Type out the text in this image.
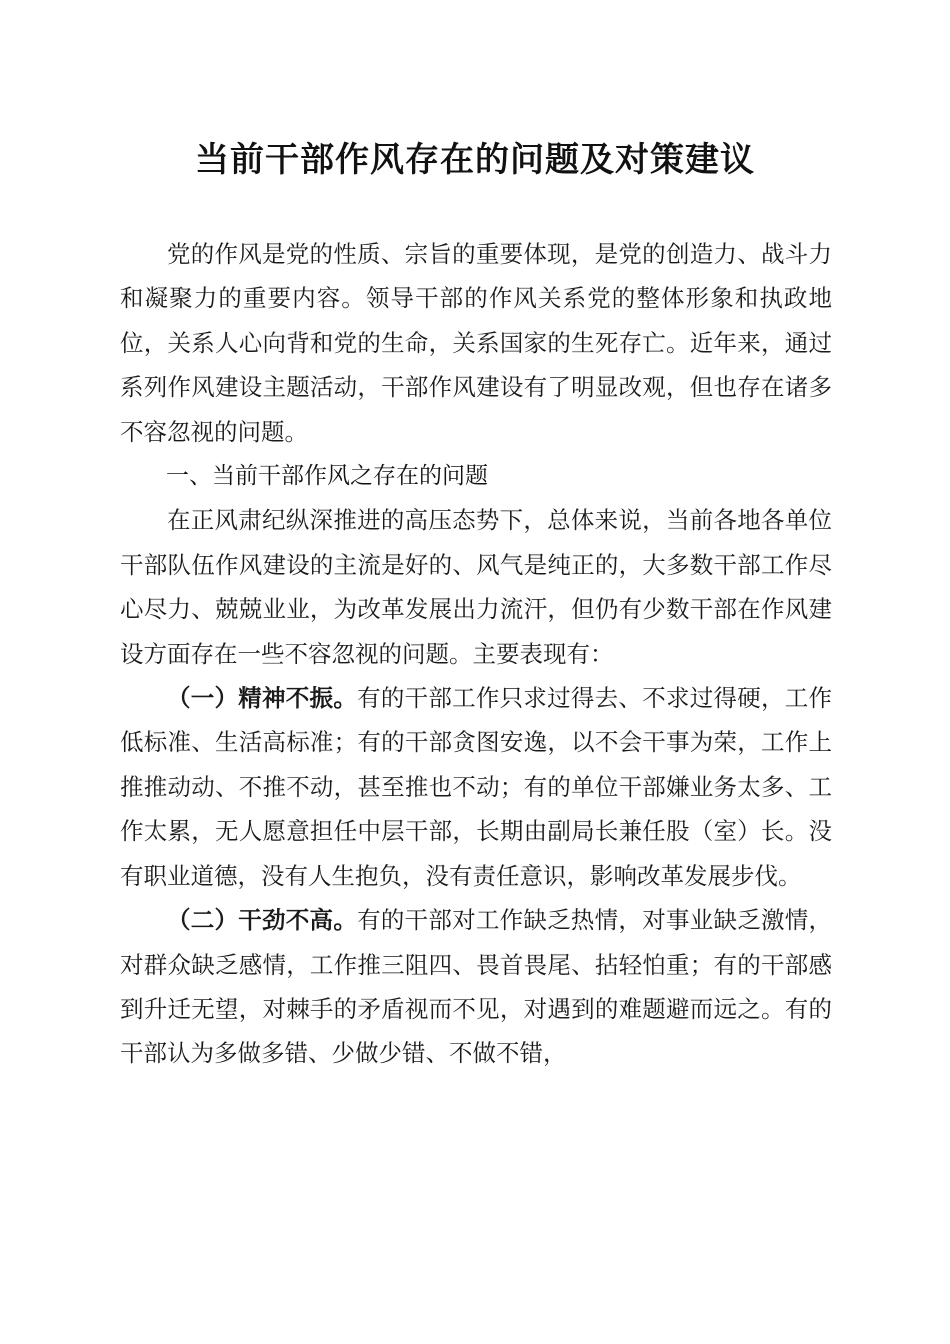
当前干部作风存在的问题及对策建议

党的作风是党的性质、宗旨的重要体现，是党的创造力、战斗力和凝聚力的重要内容。领导干部的作风关系党的整体形象和执政地位，关系人心向背和党的生命，关系国家的生死存亡。近年来，通过系列作风建设主题活动，干部作风建设有了明显改观，但也存在诸多不容忽视的问题。

一、当前干部作风之存在的问题

在正风肃纪纵深推进的高压态势下，总体来说，当前各地各单位干部队伍作风建设的主流是好的、风气是纯正的，大多数干部工作尽心尽力、兢兢业业，为改革发展出力流汗，但仍有少数干部在作风建设方面存在一些不容忽视的问题。主要表现有：

（一）精神不振。有的干部工作只求过得去、不求过得硬，工作低标准、生活高标准；有的干部贪图安逸，以不会干事为荣，工作上推推动动、不推不动，甚至推也不动；有的单位干部嫌业务太多、工作太累，无人愿意担任中层干部，长期由副局长兼任股（室）长。没有职业道德，没有人生抱负，没有责任意识，影响改革发展步伐。

（二）干劲不高。有的干部对工作缺乏热情，对事业缺乏激情，对群众缺乏感情，工作推三阻四、畏首畏尾、拈轻怕重；有的干部感到升迁无望，对棘手的矛盾视而不见，对遇到的难题避而远之。有的干部认为多做多错、少做少错、不做不错，
